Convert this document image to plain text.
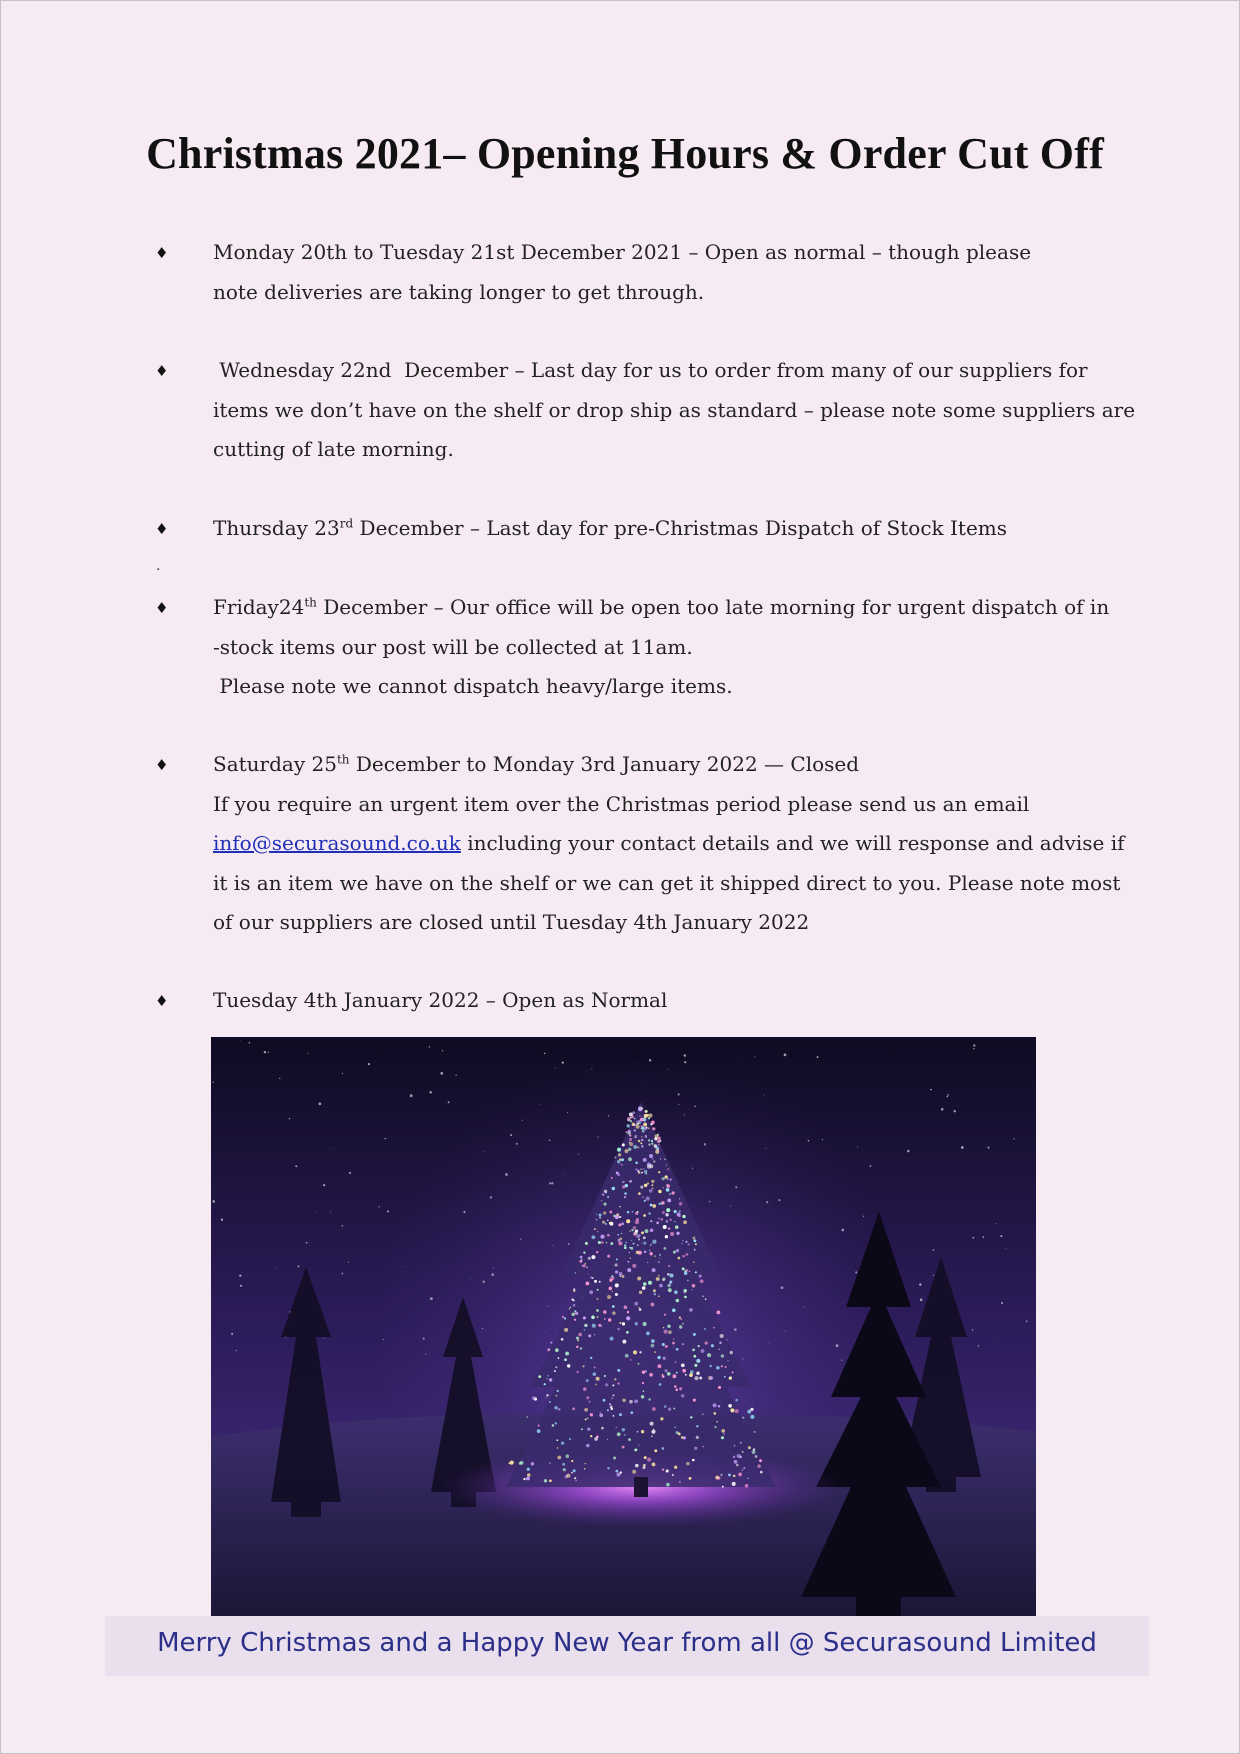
Christmas 2021– Opening Hours & Order Cut Off
♦
Monday 20th to Tuesday 21st December 2021 – Open as normal – though please
note deliveries are taking longer to get through.
♦
Wednesday 22nd  December – Last day for us to order from many of our suppliers for
items we don’t have on the shelf or drop ship as standard – please note some suppliers are
cutting of late morning.
♦
Thursday 23rd December – Last day for pre-Christmas Dispatch of Stock Items
.
♦
Friday24th December – Our office will be open too late morning for urgent dispatch of in
-stock items our post will be collected at 11am.
Please note we cannot dispatch heavy/large items.
♦
Saturday 25th December to Monday 3rd January 2022 — Closed
If you require an urgent item over the Christmas period please send us an email
info@securasound.co.uk including your contact details and we will response and advise if
it is an item we have on the shelf or we can get it shipped direct to you. Please note most
of our suppliers are closed until Tuesday 4th January 2022
♦
Tuesday 4th January 2022 – Open as Normal
Merry Christmas and a Happy New Year from all @ Securasound Limited
